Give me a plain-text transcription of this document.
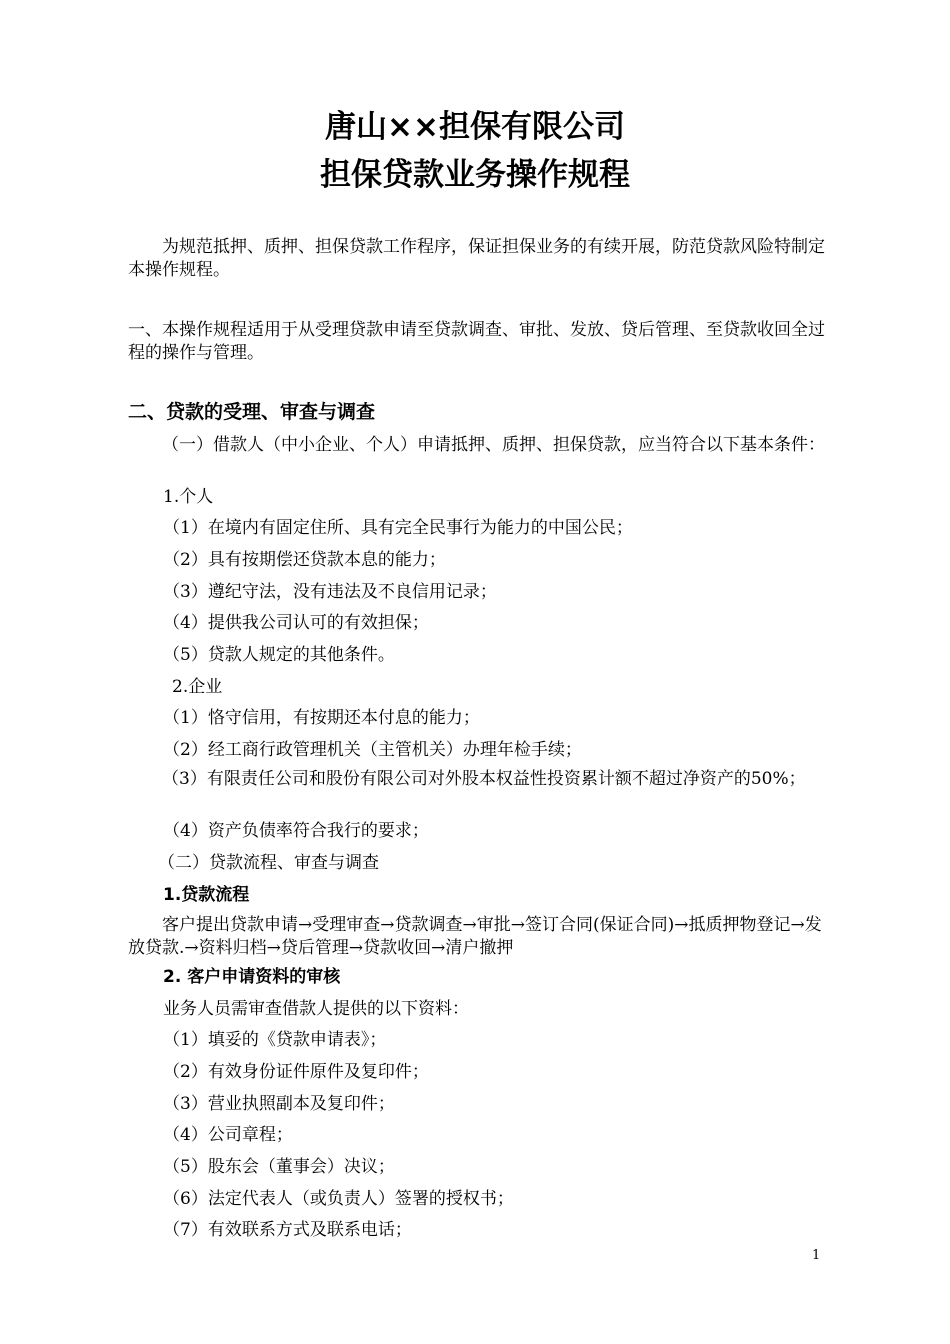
唐山××担保有限公司
担保贷款业务操作规程
为规范抵押、质押、担保贷款工作程序，保证担保业务的有续开展，防范贷款风险特制定本操作规程。
一、本操作规程适用于从受理贷款申请至贷款调查、审批、发放、贷后管理、至贷款收回全过程的操作与管理。
二、贷款的受理、审查与调查
（一）借款人（中小企业、个人）申请抵押、质押、担保贷款，应当符合以下基本条件：
1.个人
（1）在境内有固定住所、具有完全民事行为能力的中国公民；
（2）具有按期偿还贷款本息的能力；
（3）遵纪守法，没有违法及不良信用记录；
（4）提供我公司认可的有效担保；
（5）贷款人规定的其他条件。
2.企业
（1）恪守信用，有按期还本付息的能力；
（2）经工商行政管理机关（主管机关）办理年检手续；
（3）有限责任公司和股份有限公司对外股本权益性投资累计额不超过净资产的50%；
（4）资产负债率符合我行的要求；
（二）贷款流程、审查与调查
1.贷款流程
客户提出贷款申请→受理审查→贷款调查→审批→签订合同(保证合同)→抵质押物登记→发放贷款.→资料归档→贷后管理→贷款收回→清户撤押
2. 客户申请资料的审核
业务人员需审查借款人提供的以下资料：
（1）填妥的《贷款申请表》；
（2）有效身份证件原件及复印件；
（3）营业执照副本及复印件；
（4）公司章程；
（5）股东会（董事会）决议；
（6）法定代表人（或负责人）签署的授权书；
（7）有效联系方式及联系电话；
1
